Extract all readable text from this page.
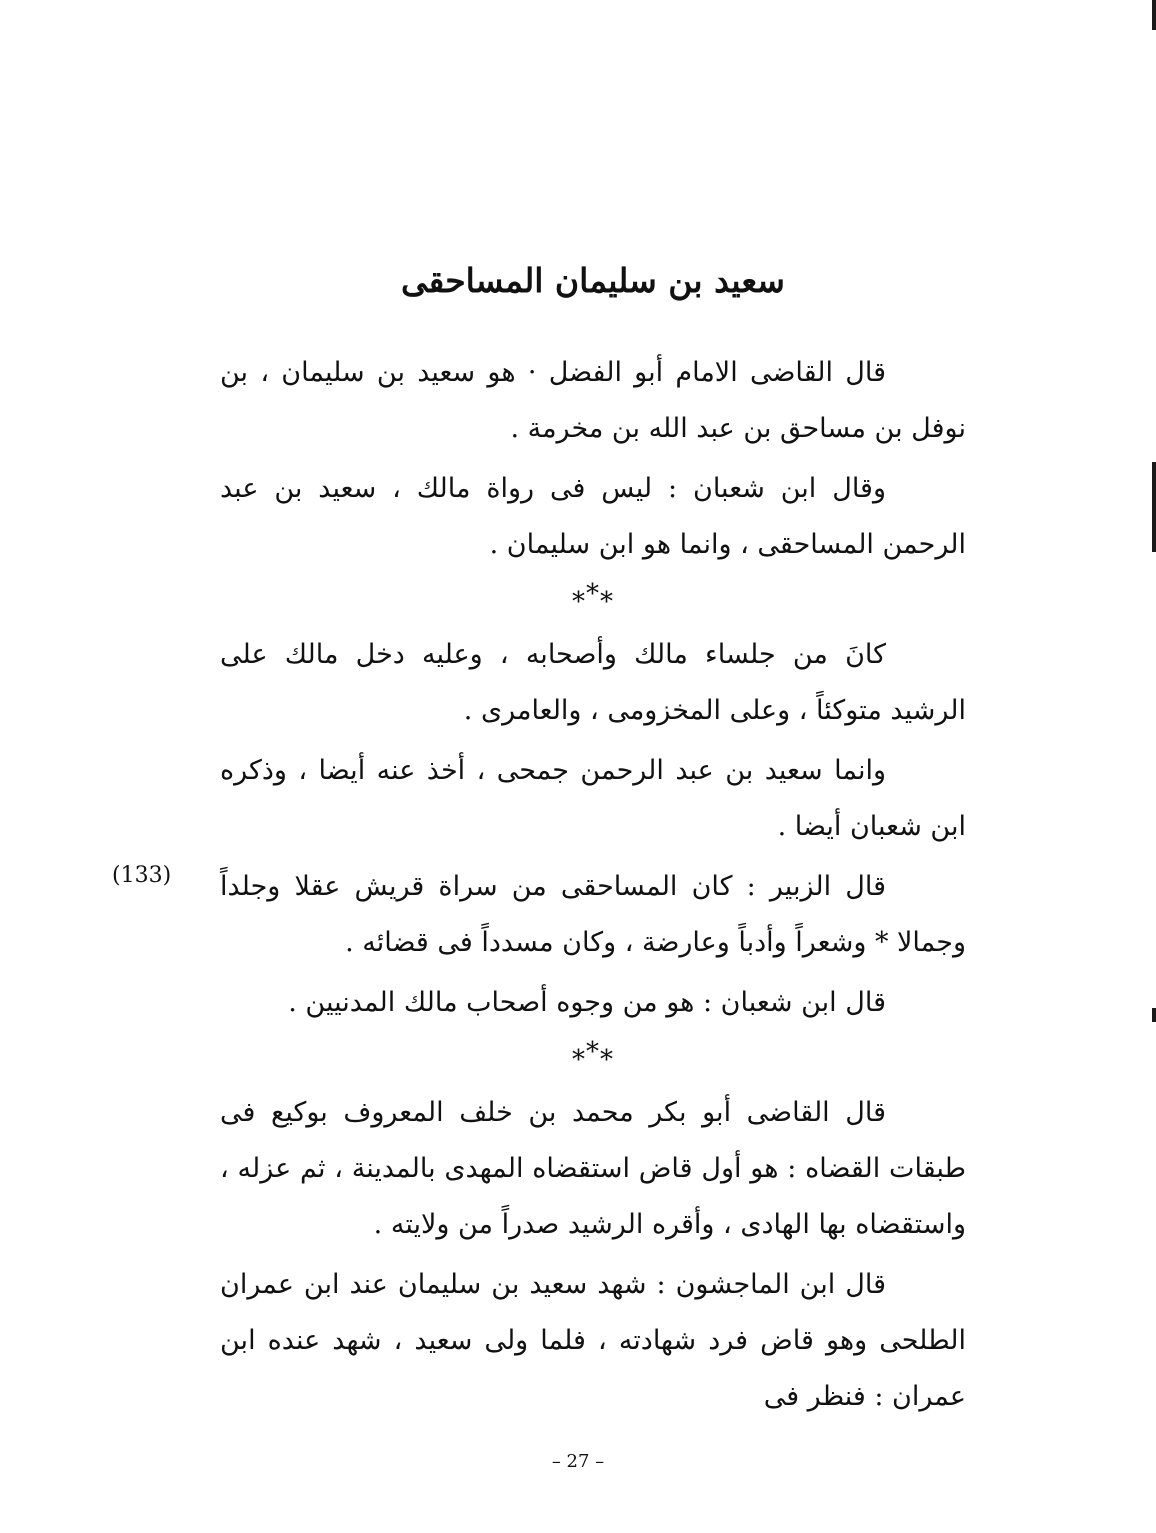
سعيد بن سليمان المساحقى

قال القاضى الامام أبو الفضل · هو سعيد بن سليمان ، بن نوفل بن مساحق بن عبد الله بن مخرمة .

وقال ابن شعبان : ليس فى رواة مالك ، سعيد بن عبد الرحمن المساحقى ، وانما هو ابن سليمان .

***

كانَ من جلساء مالك وأصحابه ، وعليه دخل مالك على الرشيد متوكئاً ، وعلى المخزومى ، والعامرى .

وانما سعيد بن عبد الرحمن جمحى ، أخذ عنه أيضا ، وذكره ابن شعبان أيضا .

قال الزبير : كان المساحقى من سراة قريش عقلا وجلداً وجمالا * وشعراً وأدباً وعارضة ، وكان مسدداً فى قضائه .

قال ابن شعبان : هو من وجوه أصحاب مالك المدنيين .

***

قال القاضى أبو بكر محمد بن خلف المعروف بوكيع فى طبقات القضاه : هو أول قاض استقضاه المهدى بالمدينة ، ثم عزله ، واستقضاه بها الهادى ، وأقره الرشيد صدراً من ولايته .

قال ابن الماجشون : شهد سعيد بن سليمان عند ابن عمران الطلحى وهو قاض فرد شهادته ، فلما ولى سعيد ، شهد عنده ابن عمران : فنظر فى

(133)
– 27 –
